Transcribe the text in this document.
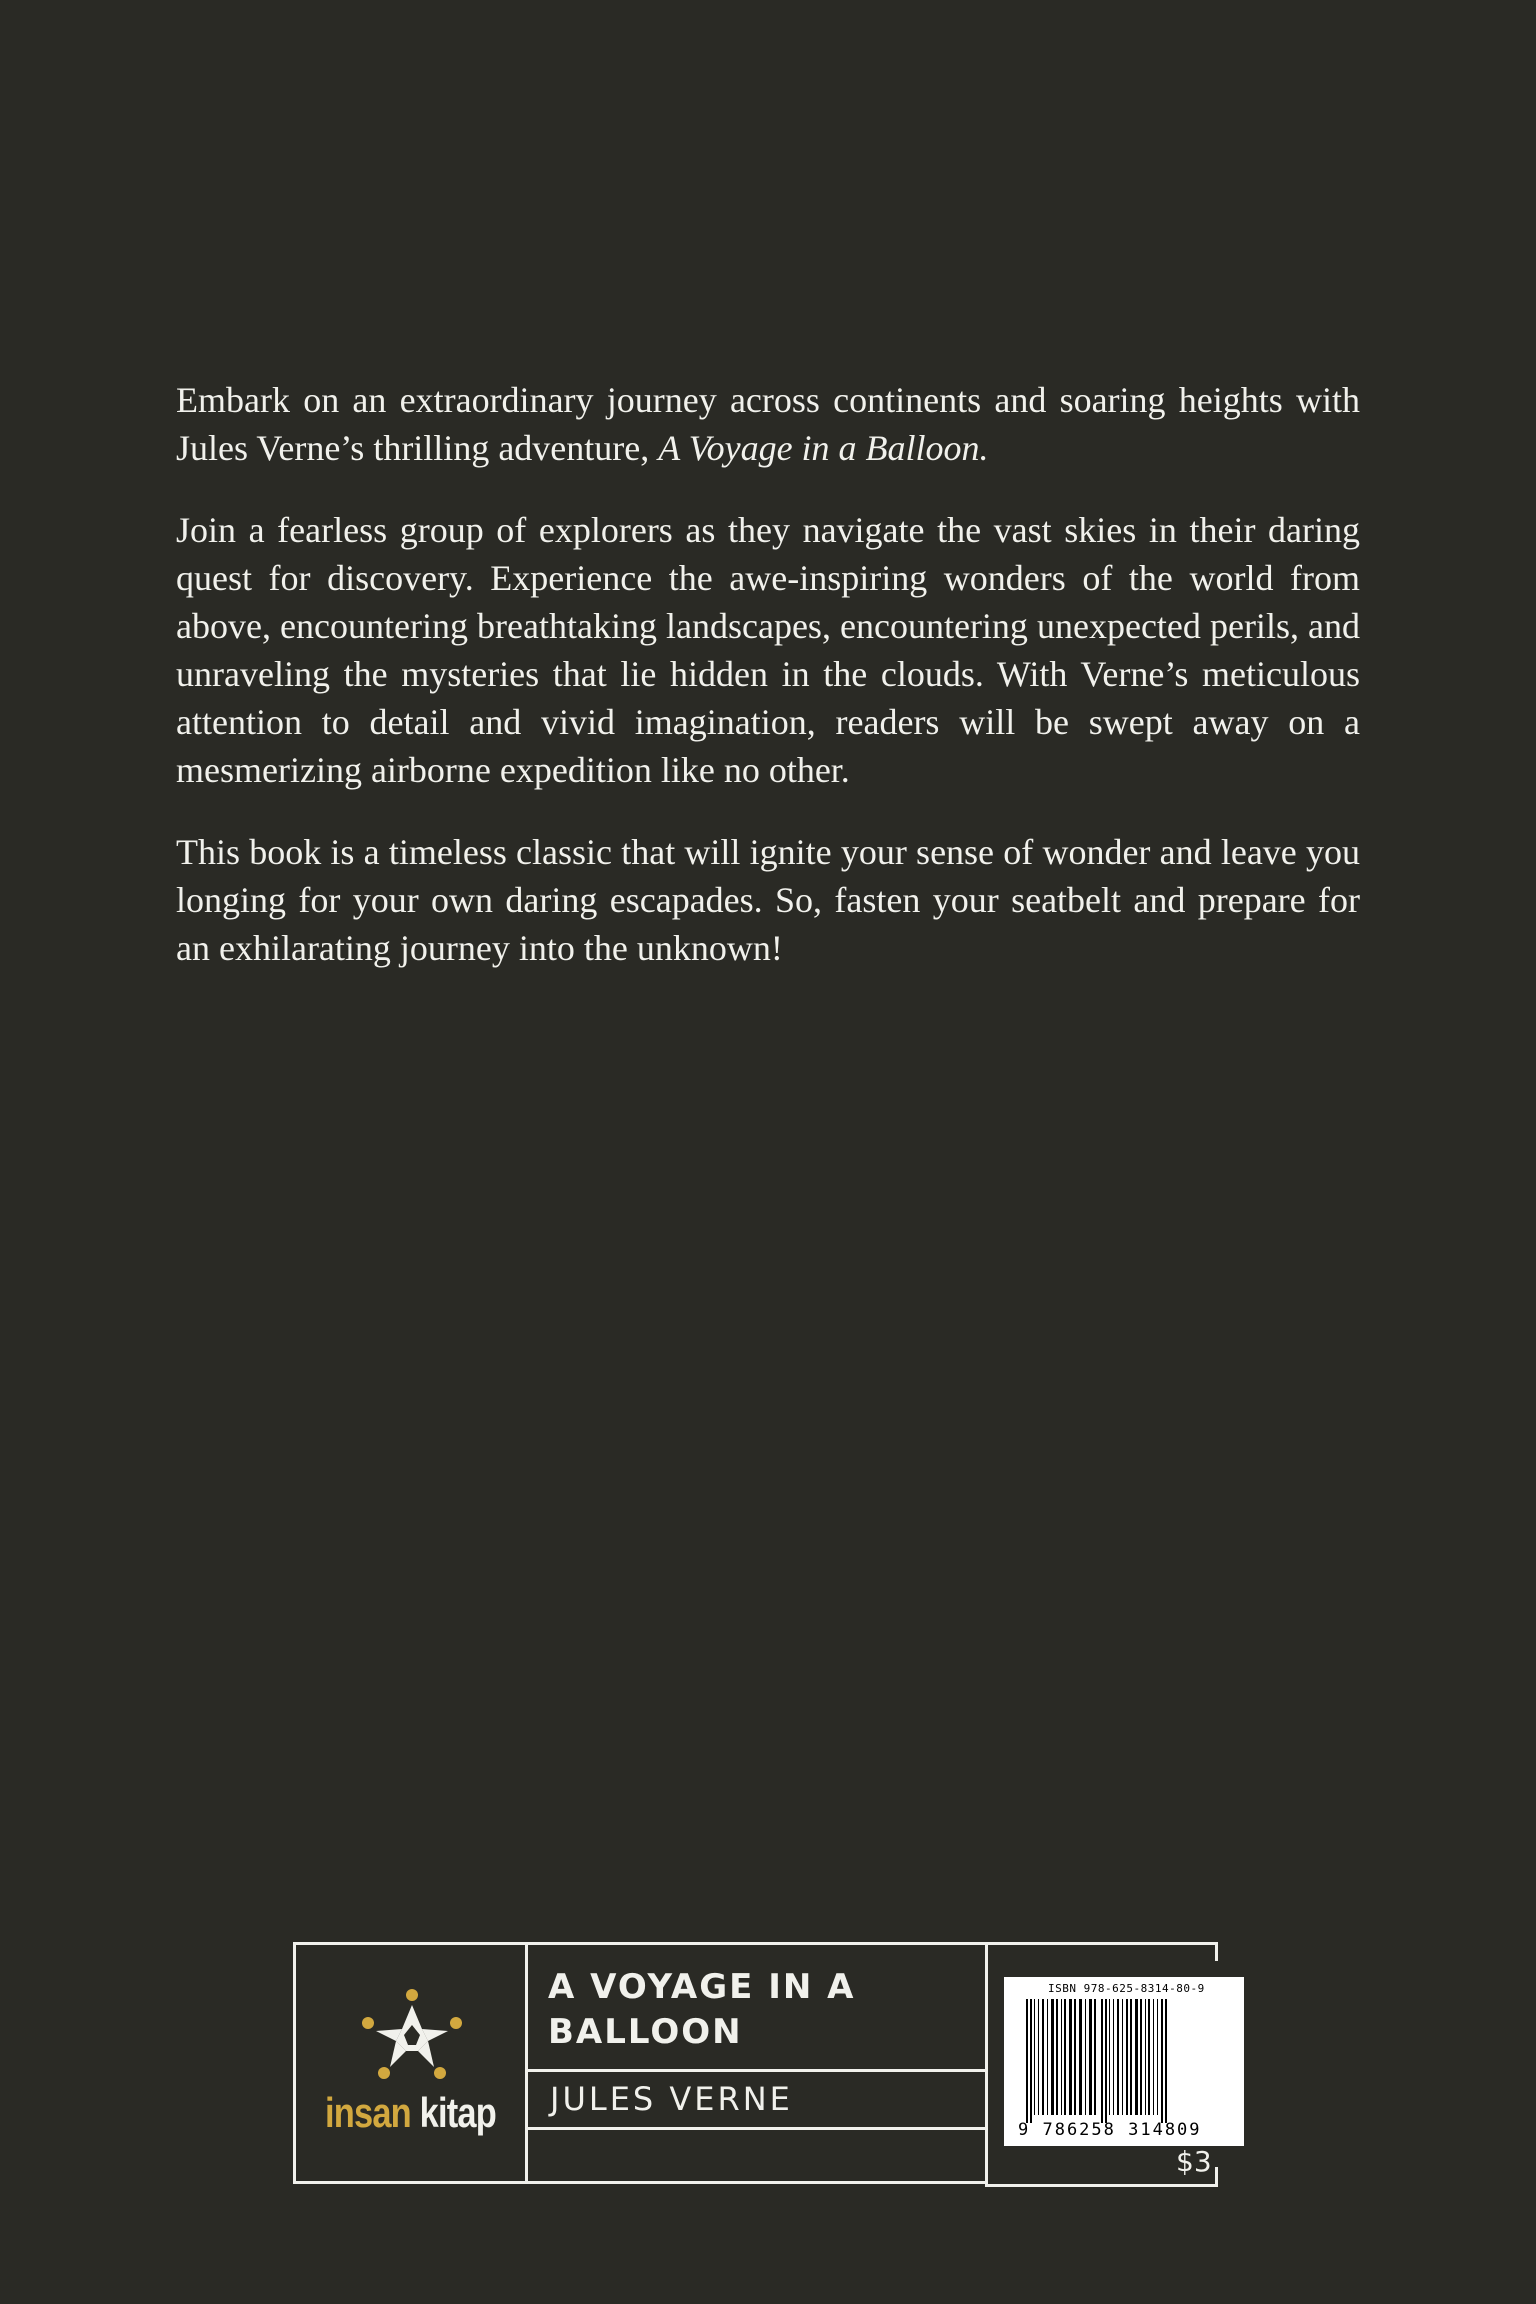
Embark on an extraordinary journey across continents and soaring heights with Jules Verne’s thrilling adventure, A Voyage in a Balloon.

Join a fearless group of explorers as they navigate the vast skies in their daring quest for discovery. Experience the awe-inspiring wonders of the world from above, encountering breathtaking landscapes, encountering unexpected perils, and unraveling the mysteries that lie hidden in the clouds. With Verne’s meticulous attention to detail and vivid imagination, readers will be swept away on a mesmerizing airborne expedition like no other.

This book is a timeless classic that will ignite your sense of wonder and leave you longing for your own daring escapades. So, fasten your seatbelt and prepare for an exhilarating journey into the unknown!

insan kitap
A VOYAGE IN A BALLOON
JULES VERNE
ISBN 978-625-8314-80-9
9 786258 314809
$3
